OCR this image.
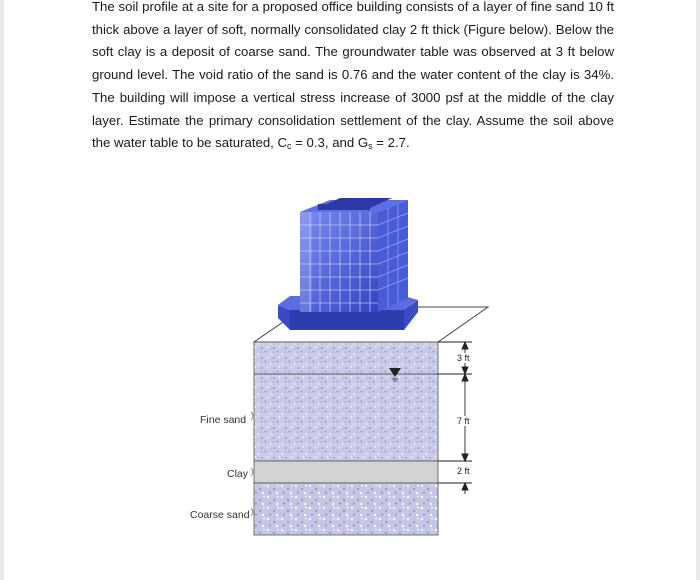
The soil profile at a site for a proposed office building consists of a layer of fine sand 10 ft thick above a layer of soft, normally consolidated clay 2 ft thick (Figure below). Below the soft clay is a deposit of coarse sand. The groundwater table was observed at 3 ft below ground level. The void ratio of the sand is 0.76 and the water content of the clay is 34%. The building will impose a vertical stress increase of 3000 psf at the middle of the clay layer. Estimate the primary consolidation settlement of the clay. Assume the soil above the water table to be saturated, $C_c = 0.3$, and $G_s = 2.7$.

Fine sand
Clay
Coarse sand
3 ft
7 ft
2 ft
